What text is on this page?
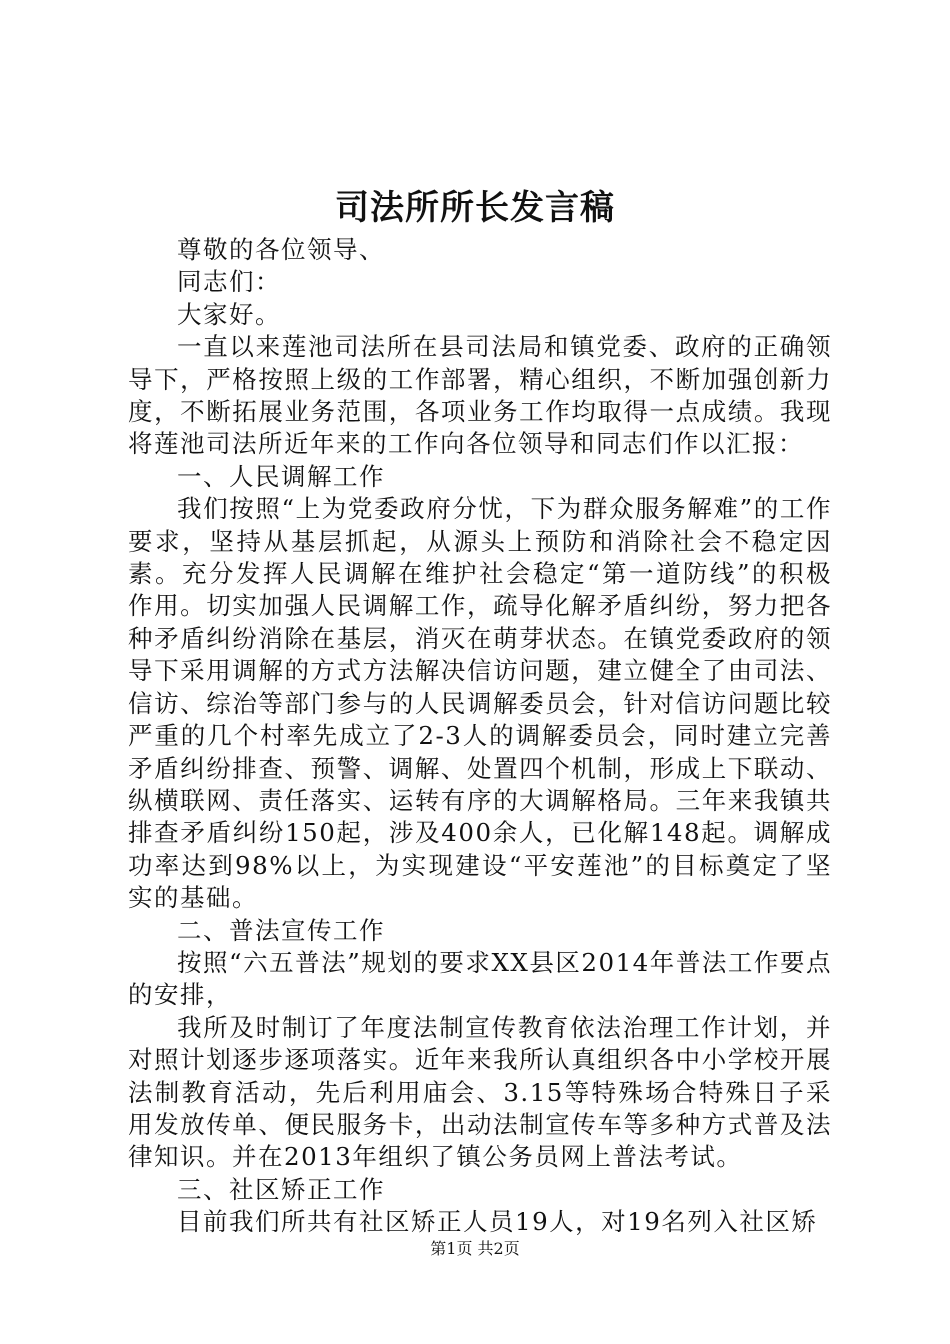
司法所所长发言稿

尊敬的各位领导、

同志们：

大家好。

一直以来莲池司法所在县司法局和镇党委、政府的正确领导下，严格按照上级的工作部署，精心组织，不断加强创新力度，不断拓展业务范围，各项业务工作均取得一点成绩。我现将莲池司法所近年来的工作向各位领导和同志们作以汇报：

一、人民调解工作

我们按照“上为党委政府分忧，下为群众服务解难”的工作要求，坚持从基层抓起，从源头上预防和消除社会不稳定因素。充分发挥人民调解在维护社会稳定“第一道防线”的积极作用。切实加强人民调解工作，疏导化解矛盾纠纷，努力把各种矛盾纠纷消除在基层，消灭在萌芽状态。在镇党委政府的领导下采用调解的方式方法解决信访问题，建立健全了由司法、信访、综治等部门参与的人民调解委员会，针对信访问题比较严重的几个村率先成立了2-3人的调解委员会，同时建立完善矛盾纠纷排查、预警、调解、处置四个机制，形成上下联动、纵横联网、责任落实、运转有序的大调解格局。三年来我镇共排查矛盾纠纷150起，涉及400余人，已化解148起。调解成功率达到98%以上，为实现建设“平安莲池”的目标奠定了坚实的基础。

二、普法宣传工作

按照“六五普法”规划的要求XX县区2014年普法工作要点的安排，

我所及时制订了年度法制宣传教育依法治理工作计划，并对照计划逐步逐项落实。近年来我所认真组织各中小学校开展法制教育活动，先后利用庙会、3.15等特殊场合特殊日子采用发放传单、便民服务卡，出动法制宣传车等多种方式普及法律知识。并在2013年组织了镇公务员网上普法考试。

三、社区矫正工作

目前我们所共有社区矫正人员19人，对19名列入社区矫

第1页 共2页
